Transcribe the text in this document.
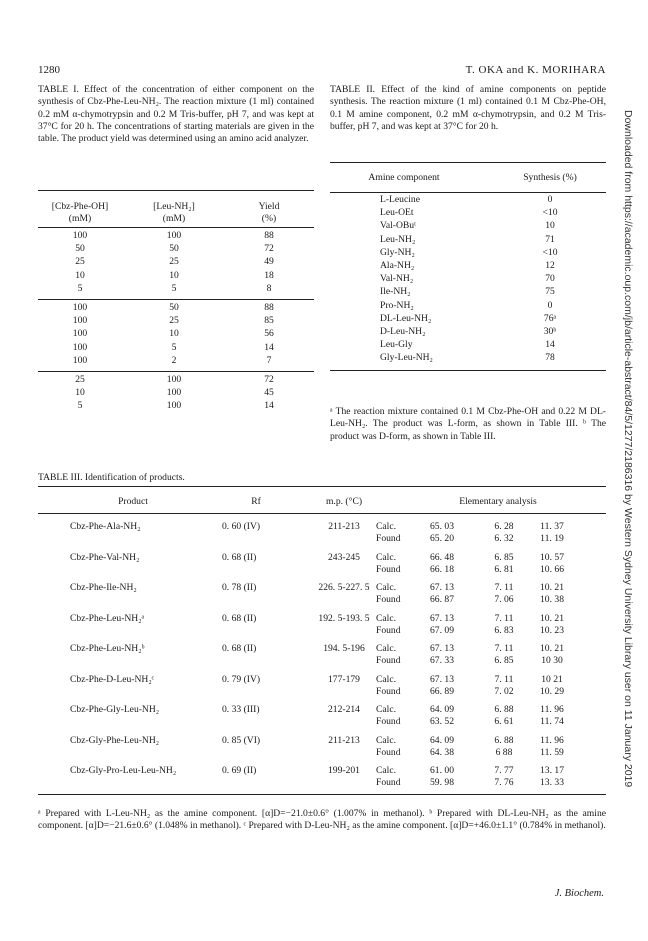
1280	T. OKA and K. MORIHARA
Downloaded from https://academic.oup.com/jb/article-abstract/84/5/1277/2186316 by Western Sydney University Library user on 11 January 2019
TABLE I. Effect of the concentration of either component on the synthesis of Cbz-Phe-Leu-NH₂. The reaction mixture (1 ml) contained 0.2 mM α-chymotrypsin and 0.2 M Tris-buffer, pH 7, and was kept at 37°C for 20 h. The concentrations of starting materials are given in the table. The product yield was determined using an amino acid analyzer.
[Cbz-Phe-OH]	[Leu-NH₂]	Yield
(mM)	(mM)	(%)
100	100	88
50	50	72
25	25	49
10	10	18
5	5	8
100	50	88
100	25	85
100	10	56
100	5	14
100	2	7
25	100	72
10	100	45
5	100	14
TABLE II. Effect of the kind of amine components on peptide synthesis. The reaction mixture (1 ml) contained 0.1 M Cbz-Phe-OH, 0.1 M amine component, 0.2 mM α-chymotrypsin, and 0.2 M Tris-buffer, pH 7, and was kept at 37°C for 20 h.
Amine component	Synthesis (%)
L-Leucine	0
Leu-OEt	<10
Val-OBuᵗ	10
Leu-NH₂	71
Gly-NH₂	<10
Ala-NH₂	12
Val-NH₂	70
Ile-NH₂	75
Pro-NH₂	0
DL-Leu-NH₂	76ᵃ
D-Leu-NH₂	30ᵇ
Leu-Gly	14
Gly-Leu-NH₂	78
ᵃ The reaction mixture contained 0.1 M Cbz-Phe-OH and 0.22 M DL-Leu-NH₂. The product was L-form, as shown in Table III. ᵇ The product was D-form, as shown in Table III.
TABLE III. Identification of products.
Product	Rf	m.p. (°C)	Elementary analysis
Cbz-Phe-Ala-NH₂	0. 60 (IV)	211-213	Calc.	65. 03	6. 28	11. 37
Found	65. 20	6. 32	11. 19
Cbz-Phe-Val-NH₂	0. 68 (II)	243-245	Calc.	66. 48	6. 85	10. 57
Found	66. 18	6. 81	10. 66
Cbz-Phe-Ile-NH₂	0. 78 (II)	226. 5-227. 5 Calc.	67. 13	7. 11	10. 21
Found	66. 87	7. 06	10. 38
Cbz-Phe-Leu-NH₂ᵃ	0. 68 (II)	192. 5-193. 5 Calc.	67. 13	7. 11	10. 21
Found	67. 09	6. 83	10. 23
Cbz-Phe-Leu-NH₂ᵇ	0. 68 (II)	194. 5-196	Calc.	67. 13	7. 11	10. 21
Found	67. 33	6. 85	10 30
Cbz-Phe-D-Leu-NH₂ᶜ	0. 79 (IV)	177-179	Calc.	67. 13	7. 11	10 21
Found	66. 89	7. 02	10. 29
Cbz-Phe-Gly-Leu-NH₂	0. 33 (III)	212-214	Calc.	64. 09	6. 88	11. 96
Found	63. 52	6. 61	11. 74
Cbz-Gly-Phe-Leu-NH₂	0. 85 (VI)	211-213	Calc.	64. 09	6. 88	11. 96
Found	64. 38	6 88	11. 59
Cbz-Gly-Pro-Leu-Leu-NH₂	0. 69 (II)	199-201	Calc.	61. 00	7. 77	13. 17
Found	59. 98	7. 76	13. 33
ᵃ Prepared with L-Leu-NH₂ as the amine component. [α]D=−21.0±0.6° (1.007% in methanol). ᵇ Prepared with DL-Leu-NH₂ as the amine component. [α]D=−21.6±0.6° (1.048% in methanol). ᶜ Prepared with D-Leu-NH₂ as the amine component. [α]D=+46.0±1.1° (0.784% in methanol).
J. Biochem.
